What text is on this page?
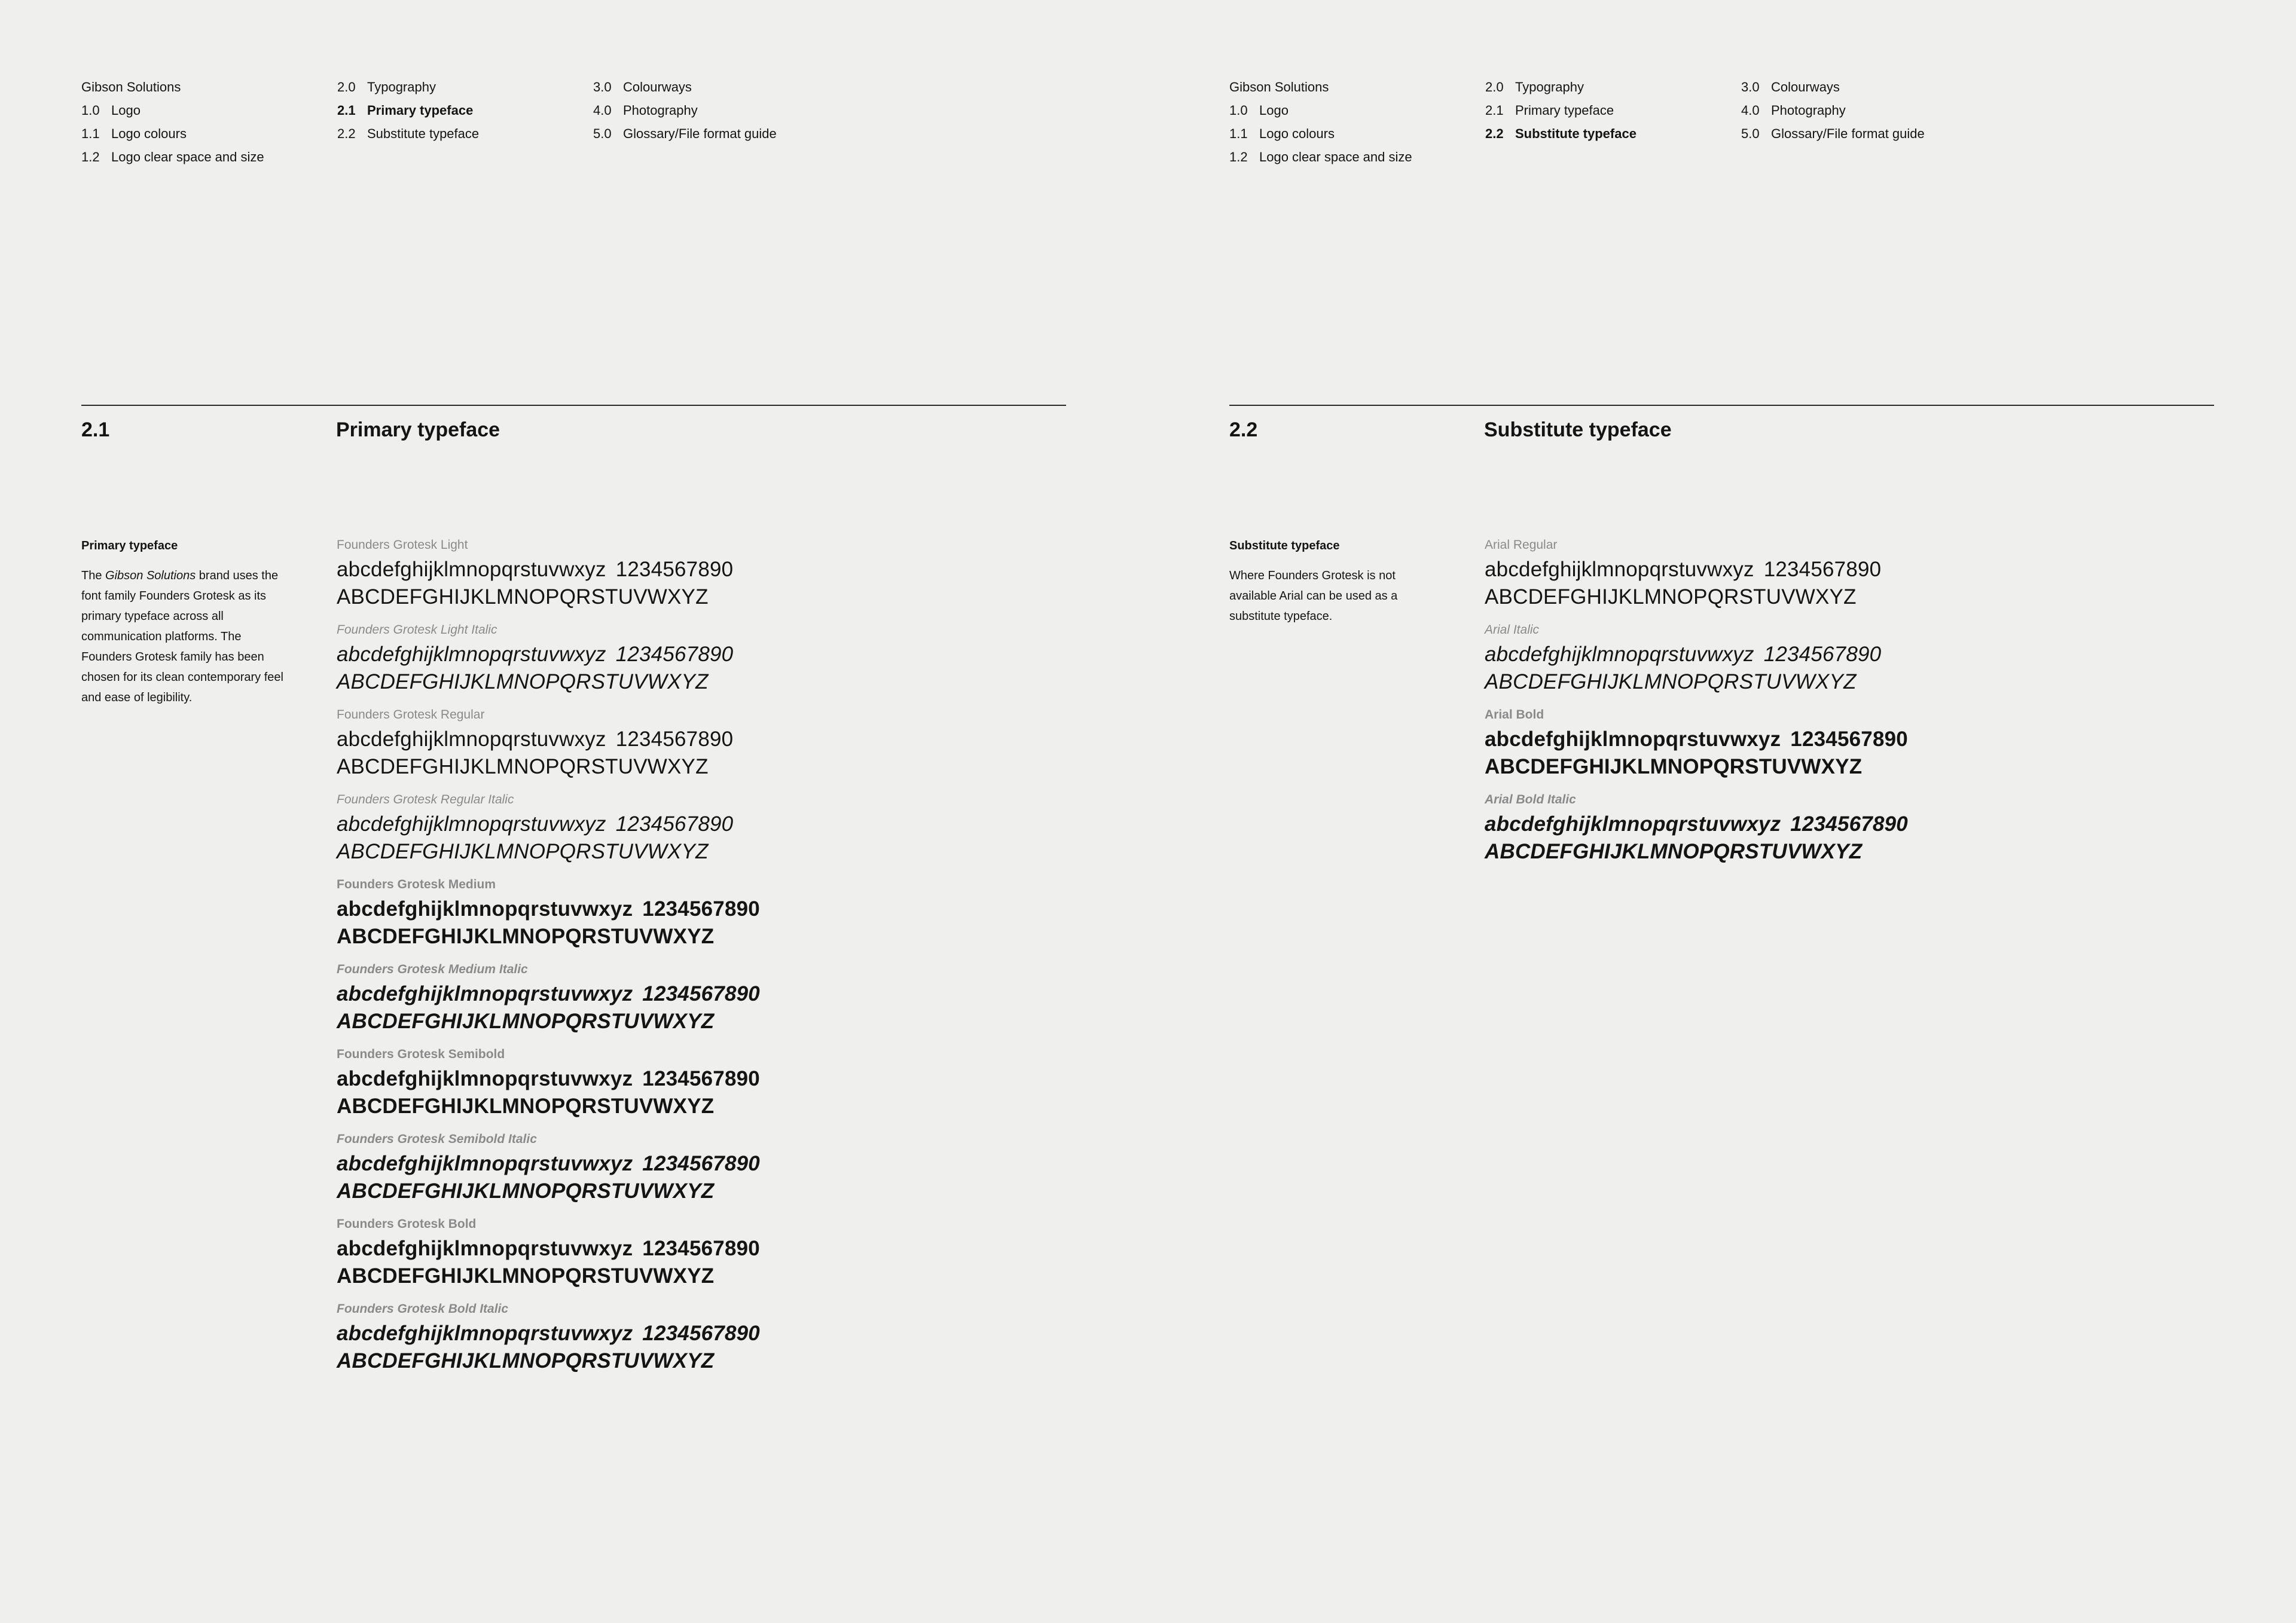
Gibson Solutions
1.0 Logo
1.1 Logo colours
1.2 Logo clear space and size
2.0 Typography
2.1 Primary typeface
2.2 Substitute typeface
3.0 Colourways
4.0 Photography
5.0 Glossary/File format guide
2.1	Primary typeface
Primary typeface

The Gibson Solutions brand uses the font family Founders Grotesk as its primary typeface across all communication platforms. The Founders Grotesk family has been chosen for its clean contemporary feel and ease of legibility.

Founders Grotesk Light
abcdefghijklmnopqrstuvwxyz 1234567890
ABCDEFGHIJKLMNOPQRSTUVWXYZ
Founders Grotesk Light Italic
abcdefghijklmnopqrstuvwxyz 1234567890
ABCDEFGHIJKLMNOPQRSTUVWXYZ
Founders Grotesk Regular
abcdefghijklmnopqrstuvwxyz 1234567890
ABCDEFGHIJKLMNOPQRSTUVWXYZ
Founders Grotesk Regular Italic
abcdefghijklmnopqrstuvwxyz 1234567890
ABCDEFGHIJKLMNOPQRSTUVWXYZ
Founders Grotesk Medium
abcdefghijklmnopqrstuvwxyz 1234567890
ABCDEFGHIJKLMNOPQRSTUVWXYZ
Founders Grotesk Medium Italic
abcdefghijklmnopqrstuvwxyz 1234567890
ABCDEFGHIJKLMNOPQRSTUVWXYZ
Founders Grotesk Semibold
abcdefghijklmnopqrstuvwxyz 1234567890
ABCDEFGHIJKLMNOPQRSTUVWXYZ
Founders Grotesk Semibold Italic
abcdefghijklmnopqrstuvwxyz 1234567890
ABCDEFGHIJKLMNOPQRSTUVWXYZ
Founders Grotesk Bold
abcdefghijklmnopqrstuvwxyz 1234567890
ABCDEFGHIJKLMNOPQRSTUVWXYZ
Founders Grotesk Bold Italic
abcdefghijklmnopqrstuvwxyz 1234567890
ABCDEFGHIJKLMNOPQRSTUVWXYZ
Gibson Solutions
1.0 Logo
1.1 Logo colours
1.2 Logo clear space and size
2.0 Typography
2.1 Primary typeface
2.2 Substitute typeface
3.0 Colourways
4.0 Photography
5.0 Glossary/File format guide
2.2	Substitute typeface
Substitute typeface

Where Founders Grotesk is not available Arial can be used as a substitute typeface.

Arial Regular
abcdefghijklmnopqrstuvwxyz 1234567890
ABCDEFGHIJKLMNOPQRSTUVWXYZ
Arial Italic
abcdefghijklmnopqrstuvwxyz 1234567890
ABCDEFGHIJKLMNOPQRSTUVWXYZ
Arial Bold
abcdefghijklmnopqrstuvwxyz 1234567890
ABCDEFGHIJKLMNOPQRSTUVWXYZ
Arial Bold Italic
abcdefghijklmnopqrstuvwxyz 1234567890
ABCDEFGHIJKLMNOPQRSTUVWXYZ
